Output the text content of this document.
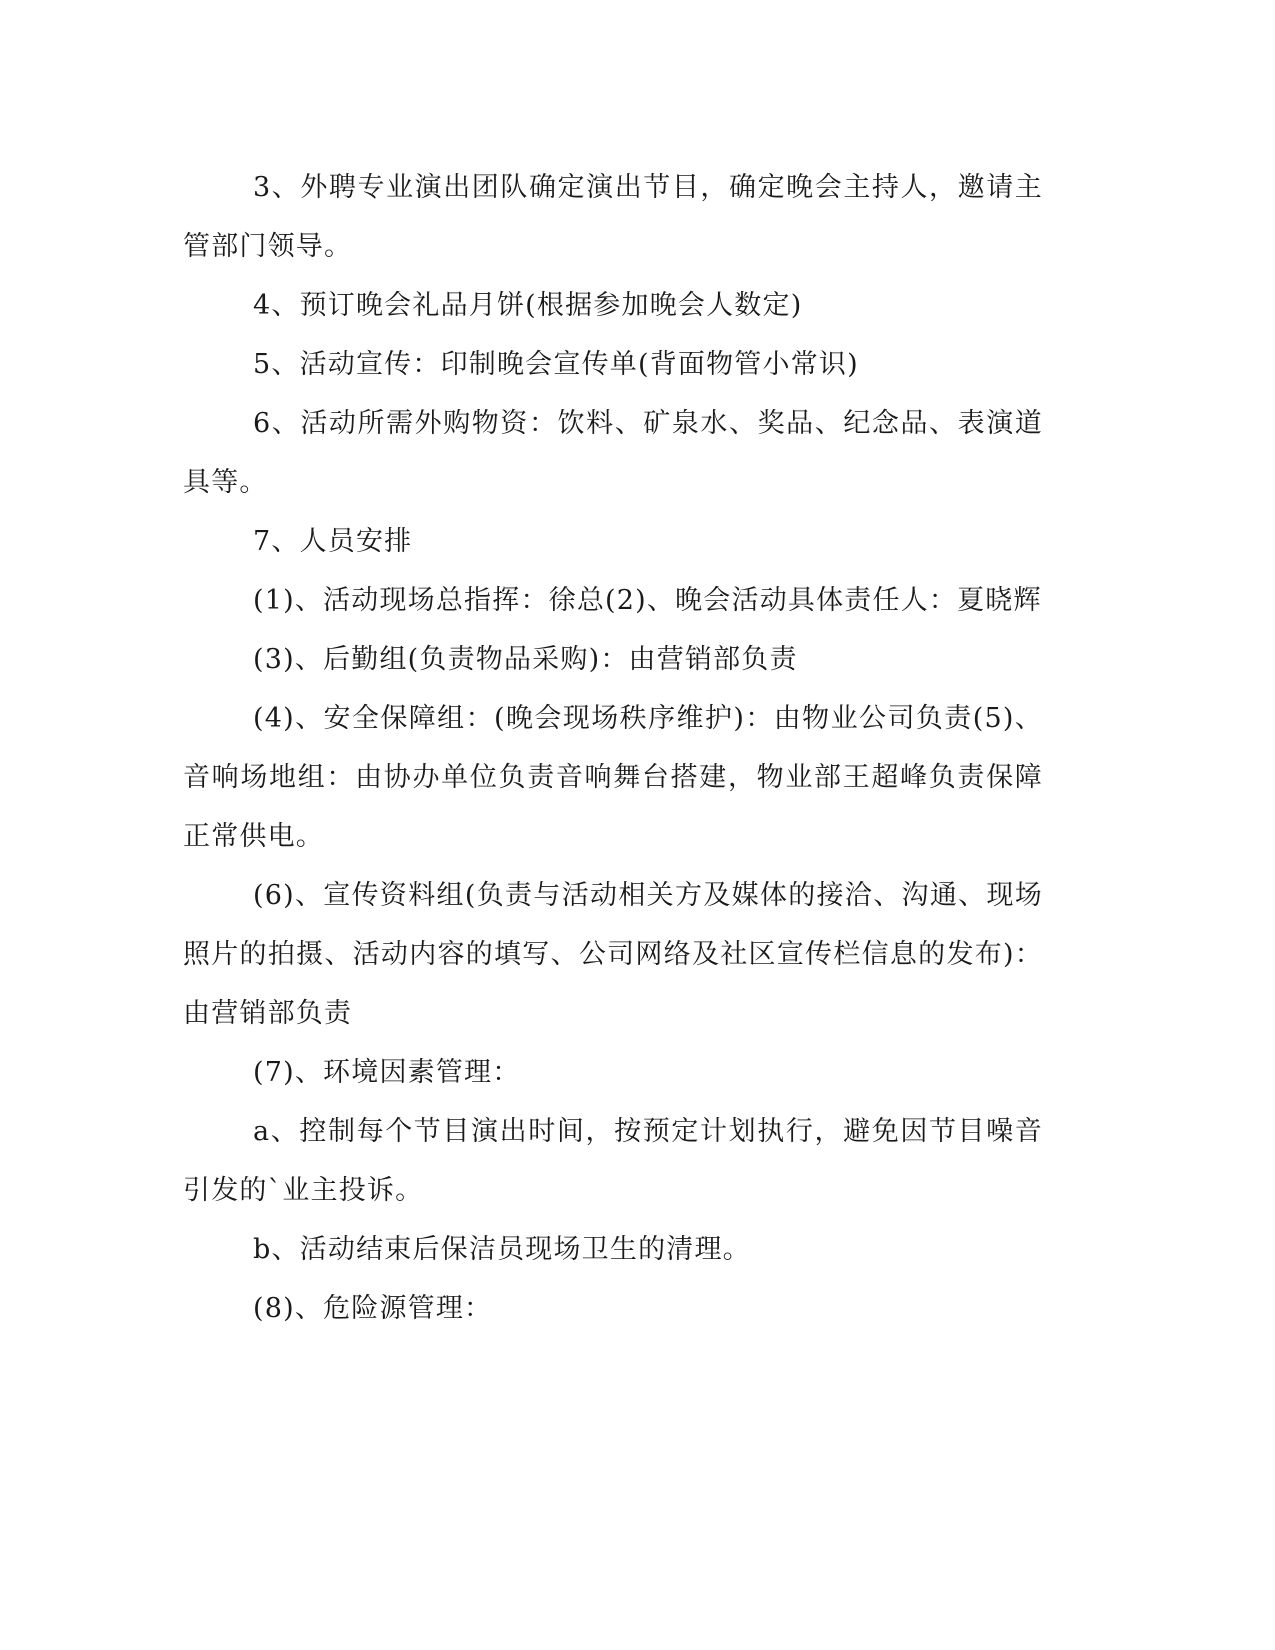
3、外聘专业演出团队确定演出节目，确定晚会主持人，邀请主管部门领导。

4、预订晚会礼品月饼(根据参加晚会人数定)

5、活动宣传：印制晚会宣传单(背面物管小常识)

6、活动所需外购物资：饮料、矿泉水、奖品、纪念品、表演道具等。

7、人员安排

(1)、活动现场总指挥：徐总(2)、晚会活动具体责任人：夏晓辉

(3)、后勤组(负责物品采购)：由营销部负责

(4)、安全保障组：(晚会现场秩序维护)：由物业公司负责(5)、音响场地组：由协办单位负责音响舞台搭建，物业部王超峰负责保障正常供电。

(6)、宣传资料组(负责与活动相关方及媒体的接洽、沟通、现场照片的拍摄、活动内容的填写、公司网络及社区宣传栏信息的发布)：由营销部负责

(7)、环境因素管理：

a、控制每个节目演出时间，按预定计划执行，避免因节目噪音引发的`业主投诉。

b、活动结束后保洁员现场卫生的清理。

(8)、危险源管理：
